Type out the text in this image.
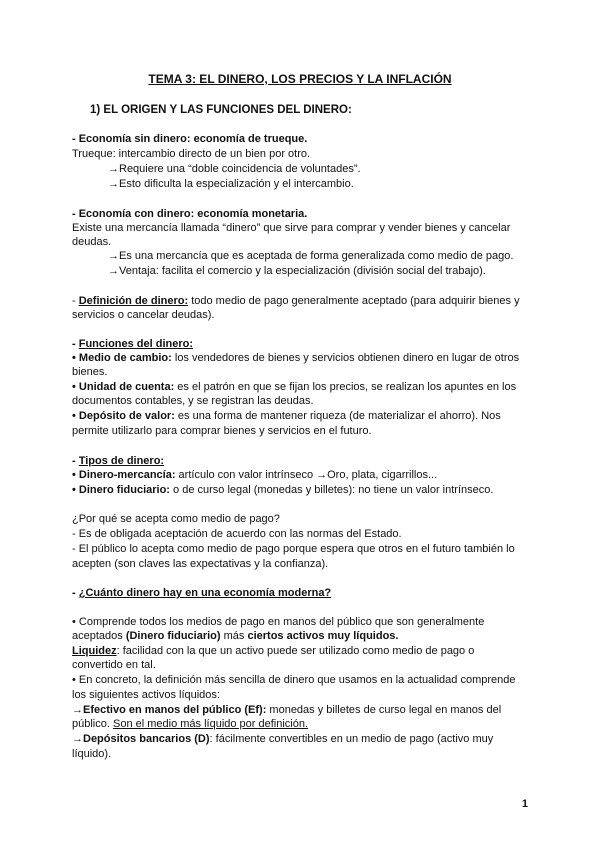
TEMA 3: EL DINERO, LOS PRECIOS Y LA INFLACIÓN
1) EL ORIGEN Y LAS FUNCIONES DEL DINERO:
- Economía sin dinero: economía de trueque.
Trueque: intercambio directo de un bien por otro.
→Requiere una “doble coincidencia de voluntades”.
→Esto dificulta la especialización y el intercambio.
- Economía con dinero: economía monetaria.
Existe una mercancía llamada “dinero” que sirve para comprar y vender bienes y cancelar
deudas.
→Es una mercancía que es aceptada de forma generalizada como medio de pago.
→Ventaja: facilita el comercio y la especialización (división social del trabajo).
- Definición de dinero: todo medio de pago generalmente aceptado (para adquirir bienes y
servicios o cancelar deudas).
- Funciones del dinero:
• Medio de cambio: los vendedores de bienes y servicios obtienen dinero en lugar de otros
bienes.
• Unidad de cuenta: es el patrón en que se fijan los precios, se realizan los apuntes en los
documentos contables, y se registran las deudas.
• Depósito de valor: es una forma de mantener riqueza (de materializar el ahorro). Nos
permite utilizarlo para comprar bienes y servicios en el futuro.
- Tipos de dinero:
• Dinero-mercancía: artículo con valor intrínseco →Oro, plata, cigarrillos...
• Dinero fiduciario: o de curso legal (monedas y billetes): no tiene un valor intrínseco.
¿Por qué se acepta como medio de pago?
- Es de obligada aceptación de acuerdo con las normas del Estado.
- El público lo acepta como medio de pago porque espera que otros en el futuro también lo
acepten (son claves las expectativas y la confianza).
- ¿Cuánto dinero hay en una economía moderna?
• Comprende todos los medios de pago en manos del público que son generalmente
aceptados (Dinero fiduciario) más ciertos activos muy líquidos.
Liquidez: facilidad con la que un activo puede ser utilizado como medio de pago o
convertido en tal.
• En concreto, la definición más sencilla de dinero que usamos en la actualidad comprende
los siguientes activos líquidos:
→Efectivo en manos del público (Ef): monedas y billetes de curso legal en manos del
público. Son el medio más líquido por definición.
→Depósitos bancarios (D): fácilmente convertibles en un medio de pago (activo muy
líquido).
1
